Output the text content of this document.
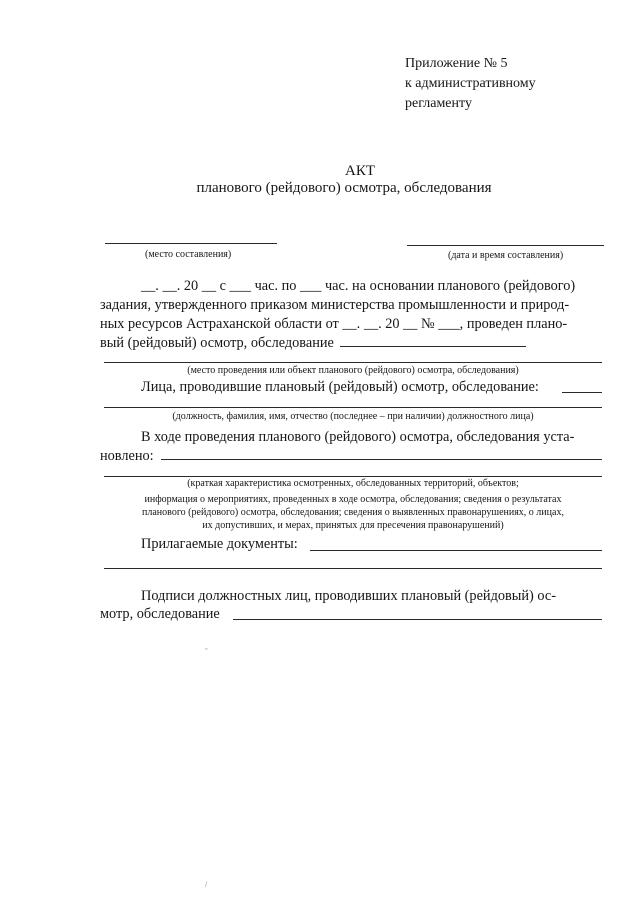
Приложение № 5
к административному
регламенту
АКТ
планового (рейдового) осмотра, обследования
(место составления)	(дата и время составления)
__. __. 20 __ с ___ час. по ___ час. на основании планового (рейдового)
задания, утвержденного приказом министерства промышленности и природ-
ных ресурсов Астраханской области от __. __. 20 __ № ___, проведен плано-
вый (рейдовый) осмотр, обследование
(место проведения или объект планового (рейдового) осмотра, обследования)
Лица, проводившие плановый (рейдовый) осмотр, обследование:
(должность, фамилия, имя, отчество (последнее – при наличии) должностного лица)
В ходе проведения планового (рейдового) осмотра, обследования уста-
новлено:
(краткая характеристика осмотренных, обследованных территорий, объектов;
информация о мероприятиях, проведенных в ходе осмотра, обследования; сведения о результатах
планового (рейдового) осмотра, обследования; сведения о выявленных правонарушениях, о лицах,
их допустивших, и мерах, принятых для пресечения правонарушений)
Прилагаемые документы:
Подписи должностных лиц, проводивших плановый (рейдовый) ос-
мотр, обследование
ˇ
/
